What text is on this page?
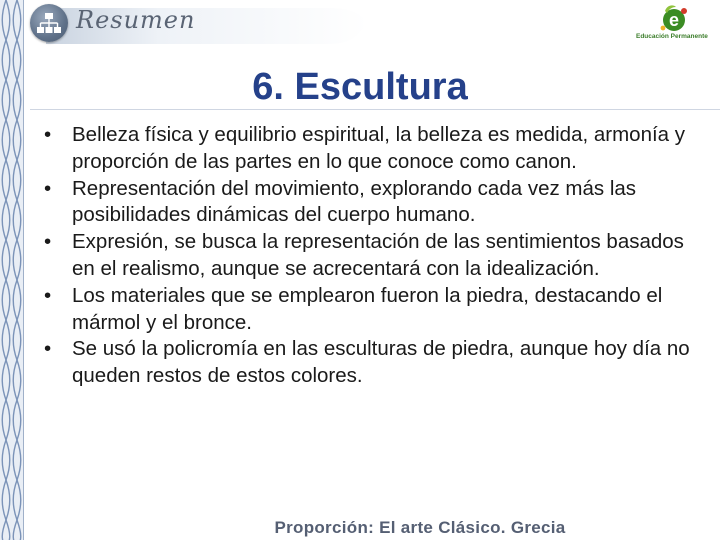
Resumen	e
Educación Permanente
6. Escultura
• Belleza física y equilibrio espiritual, la belleza es medida, armonía y proporción de las partes en lo que conoce como canon.
• Representación del movimiento, explorando cada vez más las posibilidades dinámicas del cuerpo humano.
• Expresión, se busca la representación de las sentimientos basados en el realismo, aunque se acrecentará con la idealización.
• Los materiales que se emplearon fueron la piedra, destacando el mármol y el bronce.
• Se usó la policromía en las esculturas de piedra, aunque hoy día no queden restos de estos colores.
Proporción: El arte Clásico. Grecia
